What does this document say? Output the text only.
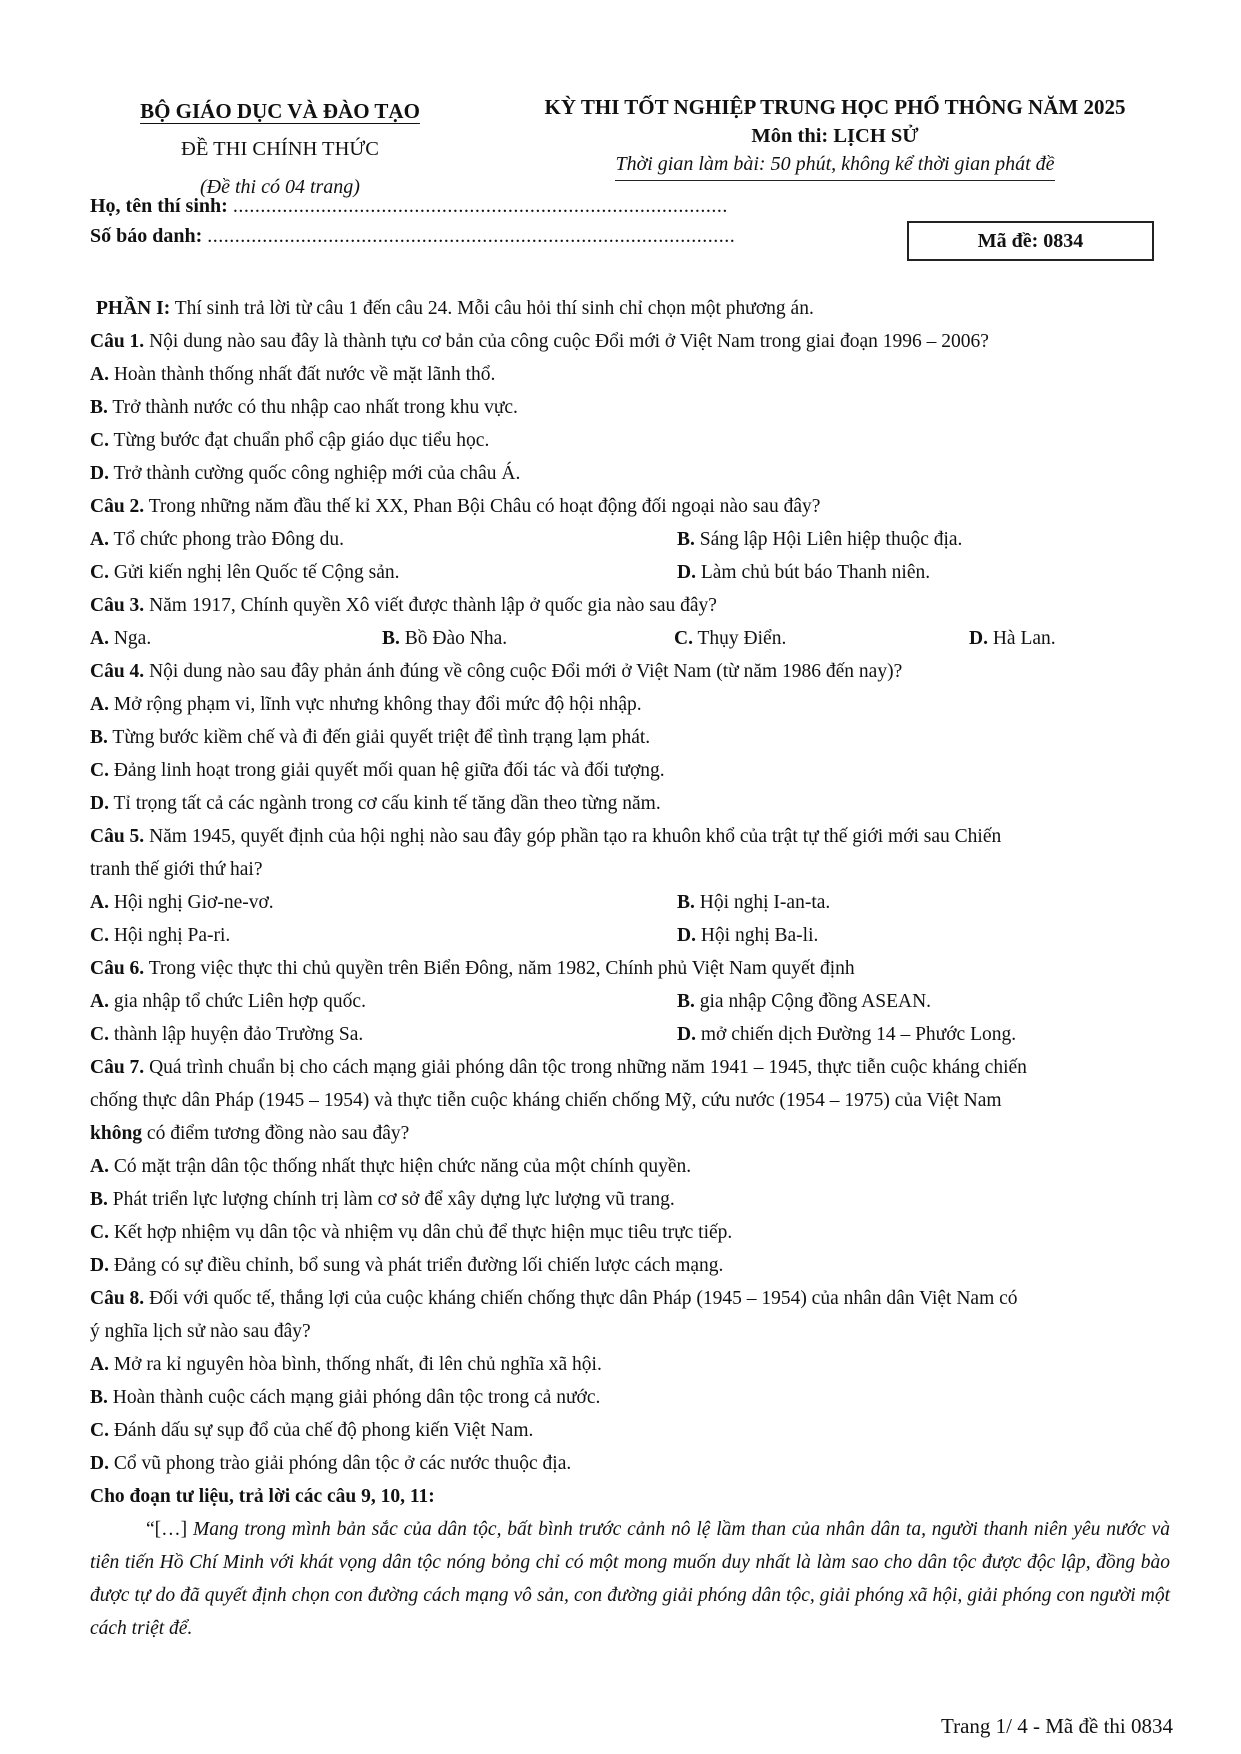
BỘ GIÁO DỤC VÀ ĐÀO TẠO
ĐỀ THI CHÍNH THỨC
(Đề thi có 04 trang)
KỲ THI TỐT NGHIỆP TRUNG HỌC PHỔ THÔNG NĂM 2025
Môn thi: LỊCH SỬ
Thời gian làm bài: 50 phút, không kể thời gian phát đề
Họ, tên thí sinh: ..........................................................................................
Số báo danh: ................................................................................................	Mã đề: 0834
PHẦN I: Thí sinh trả lời từ câu 1 đến câu 24. Mỗi câu hỏi thí sinh chỉ chọn một phương án.
Câu 1. Nội dung nào sau đây là thành tựu cơ bản của công cuộc Đổi mới ở Việt Nam trong giai đoạn 1996 – 2006?
A. Hoàn thành thống nhất đất nước về mặt lãnh thổ.
B. Trở thành nước có thu nhập cao nhất trong khu vực.
C. Từng bước đạt chuẩn phổ cập giáo dục tiểu học.
D. Trở thành cường quốc công nghiệp mới của châu Á.
Câu 2. Trong những năm đầu thế kỉ XX, Phan Bội Châu có hoạt động đối ngoại nào sau đây?
A. Tổ chức phong trào Đông du.	B. Sáng lập Hội Liên hiệp thuộc địa.
C. Gửi kiến nghị lên Quốc tế Cộng sản.	D. Làm chủ bút báo Thanh niên.
Câu 3. Năm 1917, Chính quyền Xô viết được thành lập ở quốc gia nào sau đây?
A. Nga.	B. Bồ Đào Nha.	C. Thụy Điển.	D. Hà Lan.
Câu 4. Nội dung nào sau đây phản ánh đúng về công cuộc Đổi mới ở Việt Nam (từ năm 1986 đến nay)?
A. Mở rộng phạm vi, lĩnh vực nhưng không thay đổi mức độ hội nhập.
B. Từng bước kiềm chế và đi đến giải quyết triệt để tình trạng lạm phát.
C. Đảng linh hoạt trong giải quyết mối quan hệ giữa đối tác và đối tượng.
D. Tỉ trọng tất cả các ngành trong cơ cấu kinh tế tăng dần theo từng năm.
Câu 5. Năm 1945, quyết định của hội nghị nào sau đây góp phần tạo ra khuôn khổ của trật tự thế giới mới sau Chiến
tranh thế giới thứ hai?
A. Hội nghị Giơ-ne-vơ.	B. Hội nghị I-an-ta.
C. Hội nghị Pa-ri.	D. Hội nghị Ba-li.
Câu 6. Trong việc thực thi chủ quyền trên Biển Đông, năm 1982, Chính phủ Việt Nam quyết định
A. gia nhập tổ chức Liên hợp quốc.	B. gia nhập Cộng đồng ASEAN.
C. thành lập huyện đảo Trường Sa.	D. mở chiến dịch Đường 14 – Phước Long.
Câu 7. Quá trình chuẩn bị cho cách mạng giải phóng dân tộc trong những năm 1941 – 1945, thực tiễn cuộc kháng chiến
chống thực dân Pháp (1945 – 1954) và thực tiễn cuộc kháng chiến chống Mỹ, cứu nước (1954 – 1975) của Việt Nam
không có điểm tương đồng nào sau đây?
A. Có mặt trận dân tộc thống nhất thực hiện chức năng của một chính quyền.
B. Phát triển lực lượng chính trị làm cơ sở để xây dựng lực lượng vũ trang.
C. Kết hợp nhiệm vụ dân tộc và nhiệm vụ dân chủ để thực hiện mục tiêu trực tiếp.
D. Đảng có sự điều chỉnh, bổ sung và phát triển đường lối chiến lược cách mạng.
Câu 8. Đối với quốc tế, thắng lợi của cuộc kháng chiến chống thực dân Pháp (1945 – 1954) của nhân dân Việt Nam có
ý nghĩa lịch sử nào sau đây?
A. Mở ra kỉ nguyên hòa bình, thống nhất, đi lên chủ nghĩa xã hội.
B. Hoàn thành cuộc cách mạng giải phóng dân tộc trong cả nước.
C. Đánh dấu sự sụp đổ của chế độ phong kiến Việt Nam.
D. Cổ vũ phong trào giải phóng dân tộc ở các nước thuộc địa.
Cho đoạn tư liệu, trả lời các câu 9, 10, 11:
“[…] Mang trong mình bản sắc của dân tộc, bất bình trước cảnh nô lệ lầm than của nhân dân ta, người thanh niên yêu nước và tiên tiến Hồ Chí Minh với khát vọng dân tộc nóng bỏng chỉ có một mong muốn duy nhất là làm sao cho dân tộc được độc lập, đồng bào được tự do đã quyết định chọn con đường cách mạng vô sản, con đường giải phóng dân tộc, giải phóng xã hội, giải phóng con người một cách triệt để.
Trang 1/ 4 - Mã đề thi 0834
